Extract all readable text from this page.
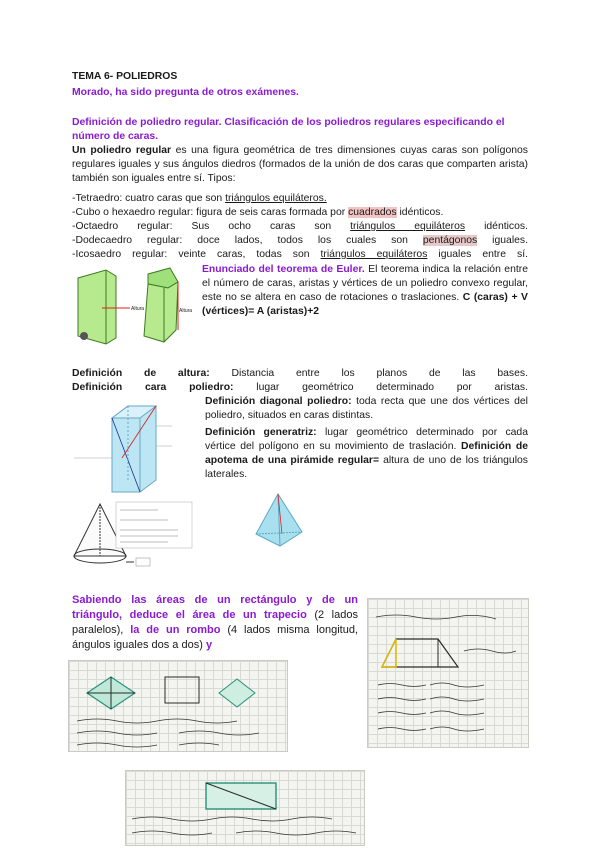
TEMA 6- POLIEDROS
Morado, ha sido pregunta de otros exámenes.
Definición de poliedro regular. Clasificación de los poliedros regulares especificando el número de caras.
Un poliedro regular es una figura geométrica de tres dimensiones cuyas caras son polígonos regulares iguales y sus ángulos diedros (formados de la unión de dos caras que comparten arista) también son iguales entre sí. Tipos:
-Tetraedro: cuatro caras que son triángulos equiláteros.
-Cubo o hexaedro regular: figura de seis caras formada por cuadrados idénticos.
-Octaedro regular: Sus ocho caras son triángulos equiláteros idénticos.
-Dodecaedro regular: doce lados, todos los cuales son pentágonos iguales.
-Icosaedro regular: veinte caras, todas son triángulos equiláteros iguales entre sí.
Altura	Altura
Enunciado del teorema de Euler. El teorema indica la relación entre el número de caras, aristas y vértices de un poliedro convexo regular, este no se altera en caso de rotaciones o traslaciones. C (caras) + V (vértices)= A (aristas)+2
Definición de altura: Distancia entre los planos de las bases.
Definición cara poliedro: lugar geométrico determinado por aristas.
Definición diagonal poliedro: toda recta que une dos vértices del poliedro, situados en caras distintas.
Definición generatriz: lugar geométrico determinado por cada vértice del polígono en su movimiento de traslación. Definición de apotema de una pirámide regular= altura de uno de los triángulos laterales.
Sabiendo las áreas de un rectángulo y de un triángulo, deduce el área de un trapecio (2 lados paralelos), la de un rombo (4 lados misma longitud, ángulos iguales dos a dos) y
